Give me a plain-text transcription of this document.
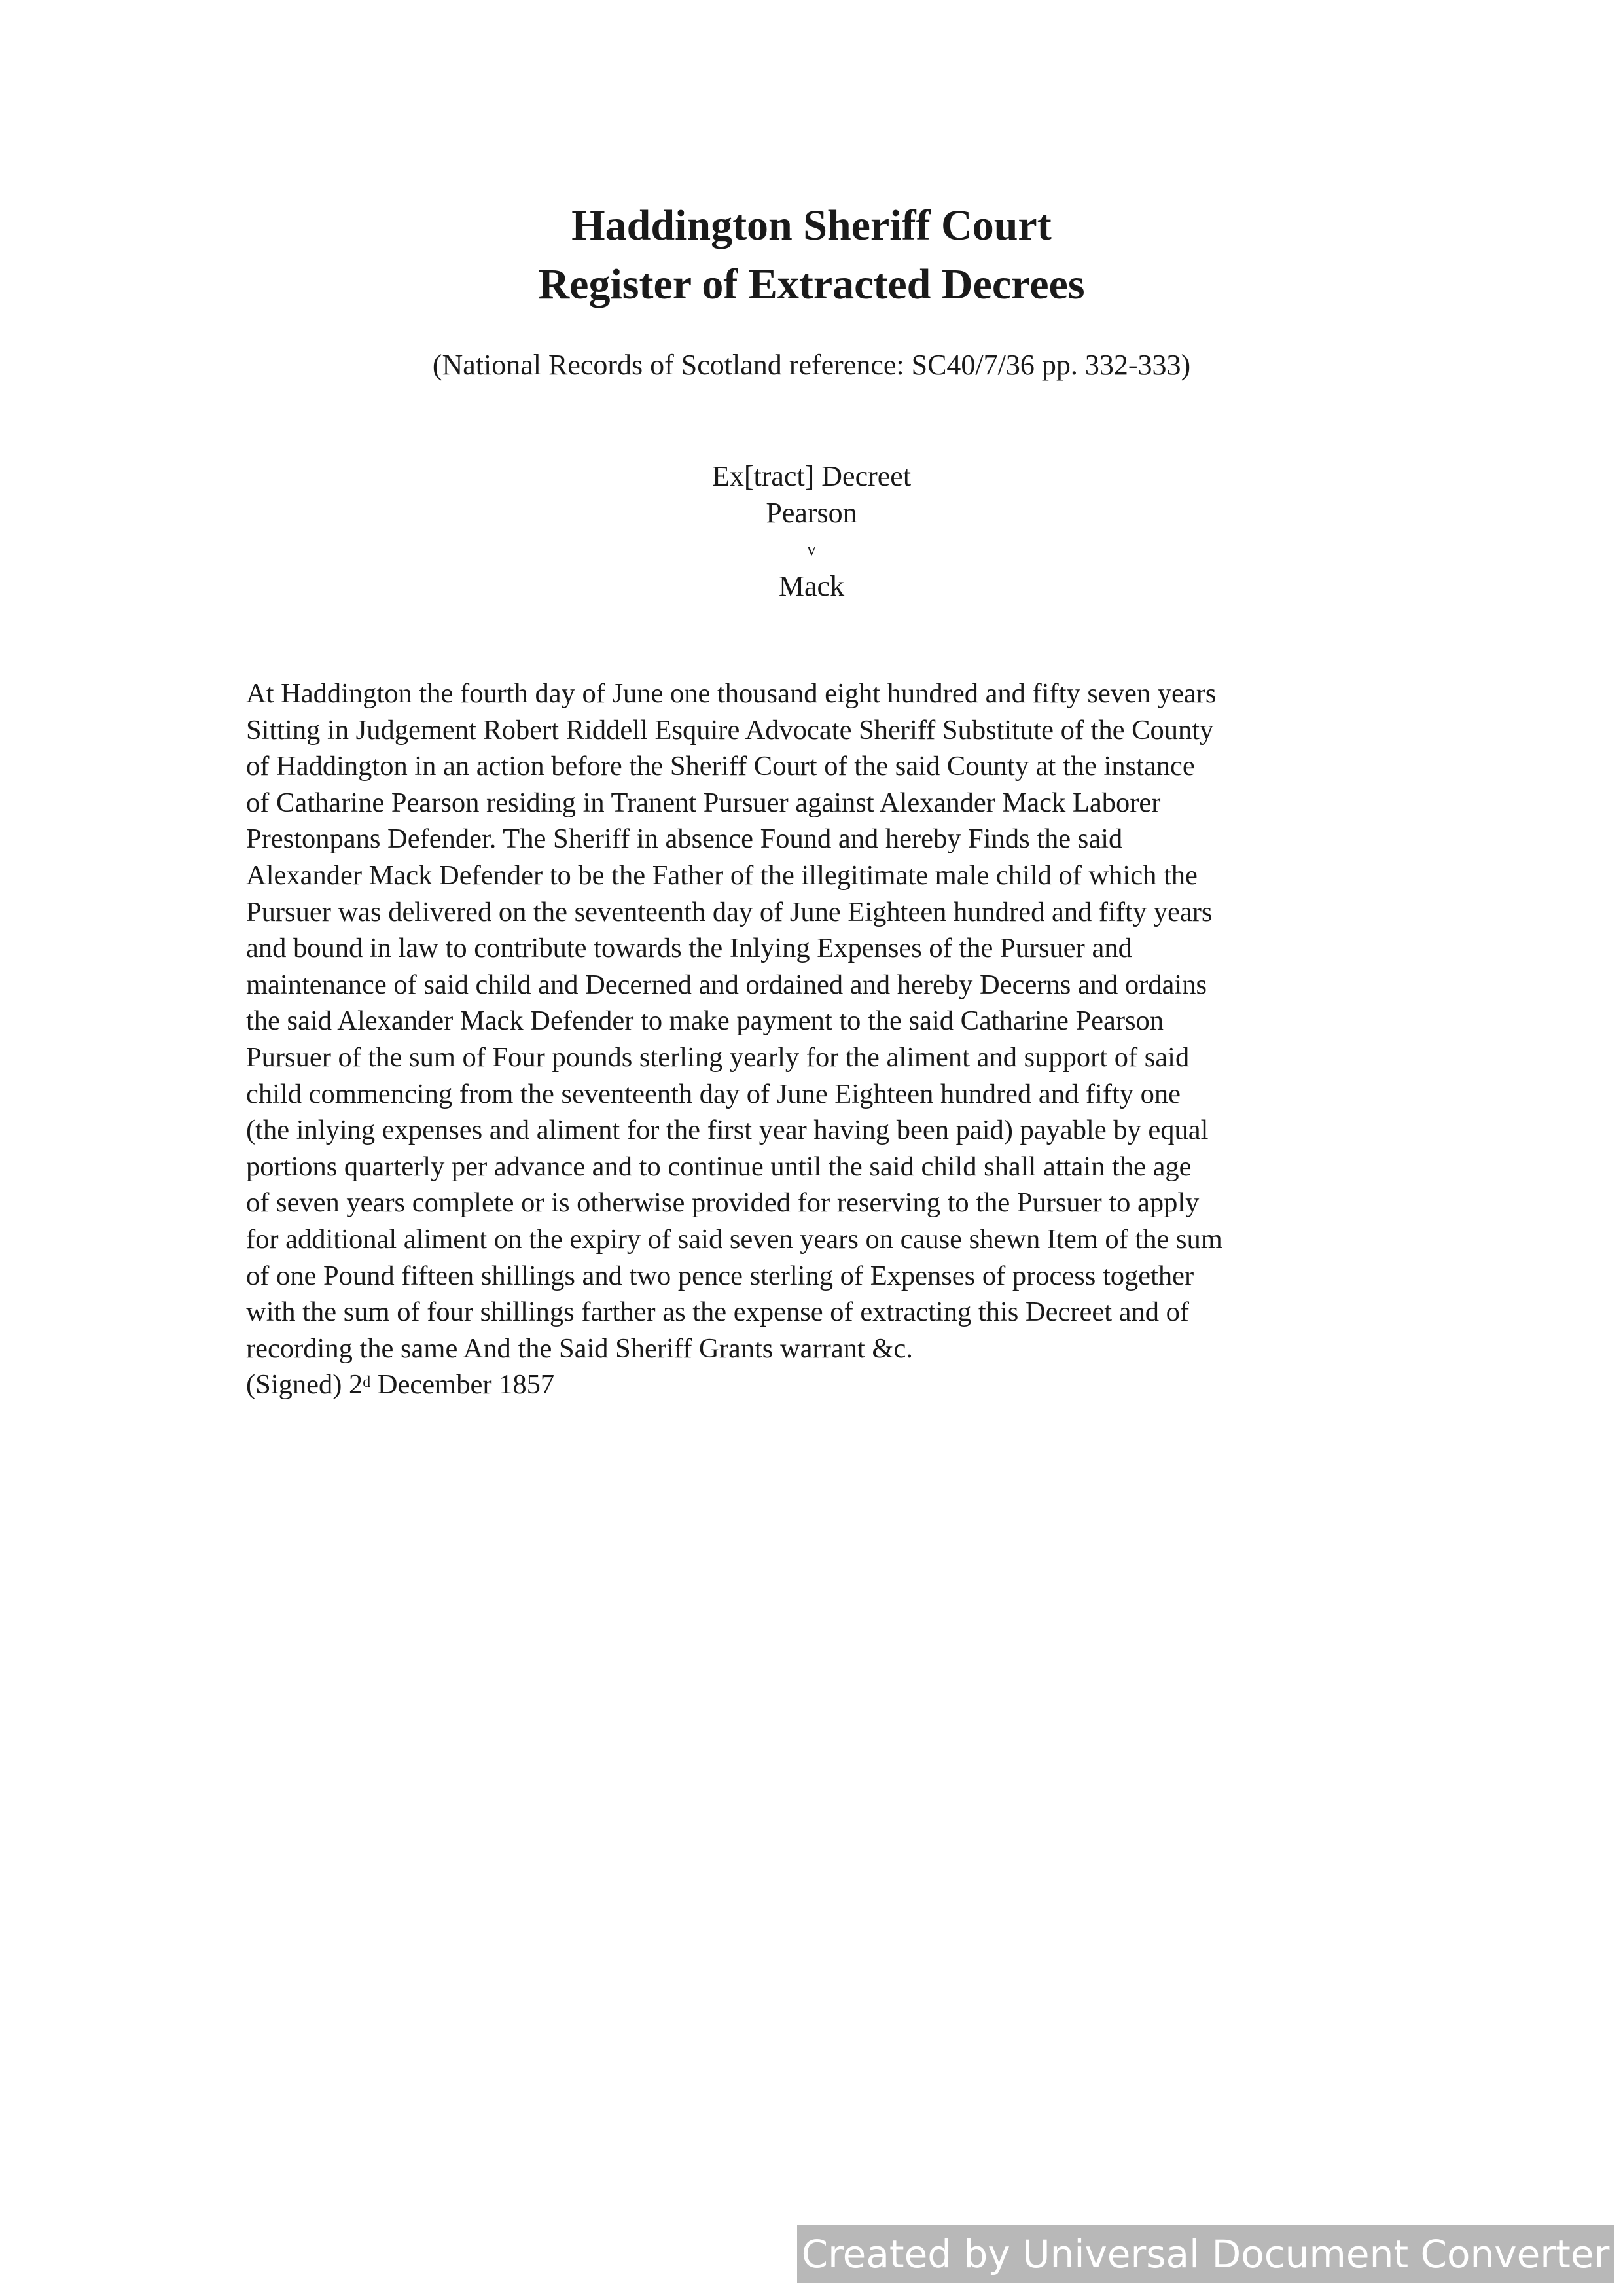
Haddington Sheriff Court

Register of Extracted Decrees

(National Records of Scotland reference: SC40/7/36 pp. 332-333)
Ex[tract] Decreet
Pearson
v
Mack

At Haddington the fourth day of June one thousand eight hundred and fifty seven years
Sitting in Judgement Robert Riddell Esquire Advocate Sheriff Substitute of the County
of Haddington in an action before the Sheriff Court of the said County at the instance
of Catharine Pearson residing in Tranent Pursuer against Alexander Mack Laborer
Prestonpans Defender. The Sheriff in absence Found and hereby Finds the said
Alexander Mack Defender to be the Father of the illegitimate male child of which the
Pursuer was delivered on the seventeenth day of June Eighteen hundred and fifty years
and bound in law to contribute towards the Inlying Expenses of the Pursuer and
maintenance of said child and Decerned and ordained and hereby Decerns and ordains
the said Alexander Mack Defender to make payment to the said Catharine Pearson
Pursuer of the sum of Four pounds sterling yearly for the aliment and support of said
child commencing from the seventeenth day of June Eighteen hundred and fifty one
(the inlying expenses and aliment for the first year having been paid) payable by equal
portions quarterly per advance and to continue until the said child shall attain the age
of seven years complete or is otherwise provided for reserving to the Pursuer to apply
for additional aliment on the expiry of said seven years on cause shewn Item of the sum
of one Pound fifteen shillings and two pence sterling of Expenses of process together
with the sum of four shillings farther as the expense of extracting this Decreet and of
recording the same And the Said Sheriff Grants warrant &c.

(Signed) 2$^d$ December 1857
Created by Universal Document Converter
